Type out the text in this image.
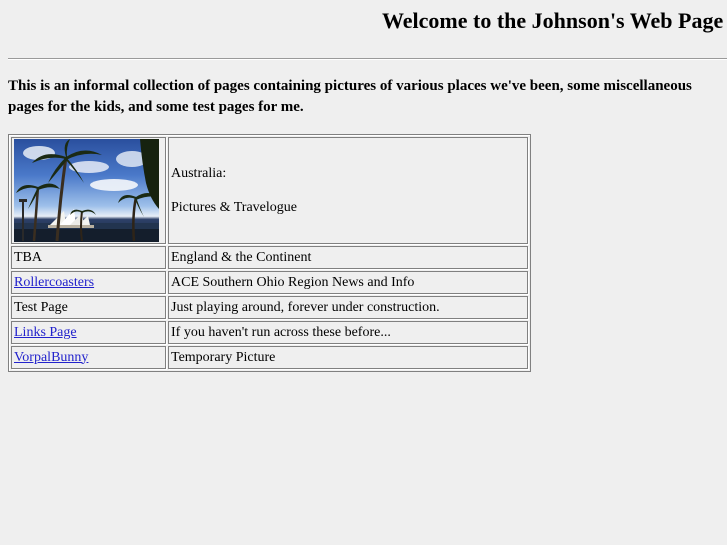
Welcome to the Johnson's Web Page

This is an informal collection of pages containing pictures of various places we've been, some miscellaneous pages for the kids, and some test pages for me.

Australia:

Pictures & Travelogue

TBA	England & the Continent
Rollercoasters	ACE Southern Ohio Region News and Info
Test Page	Just playing around, forever under construction.
Links Page	If you haven't run across these before...
VorpalBunny	Temporary Picture
